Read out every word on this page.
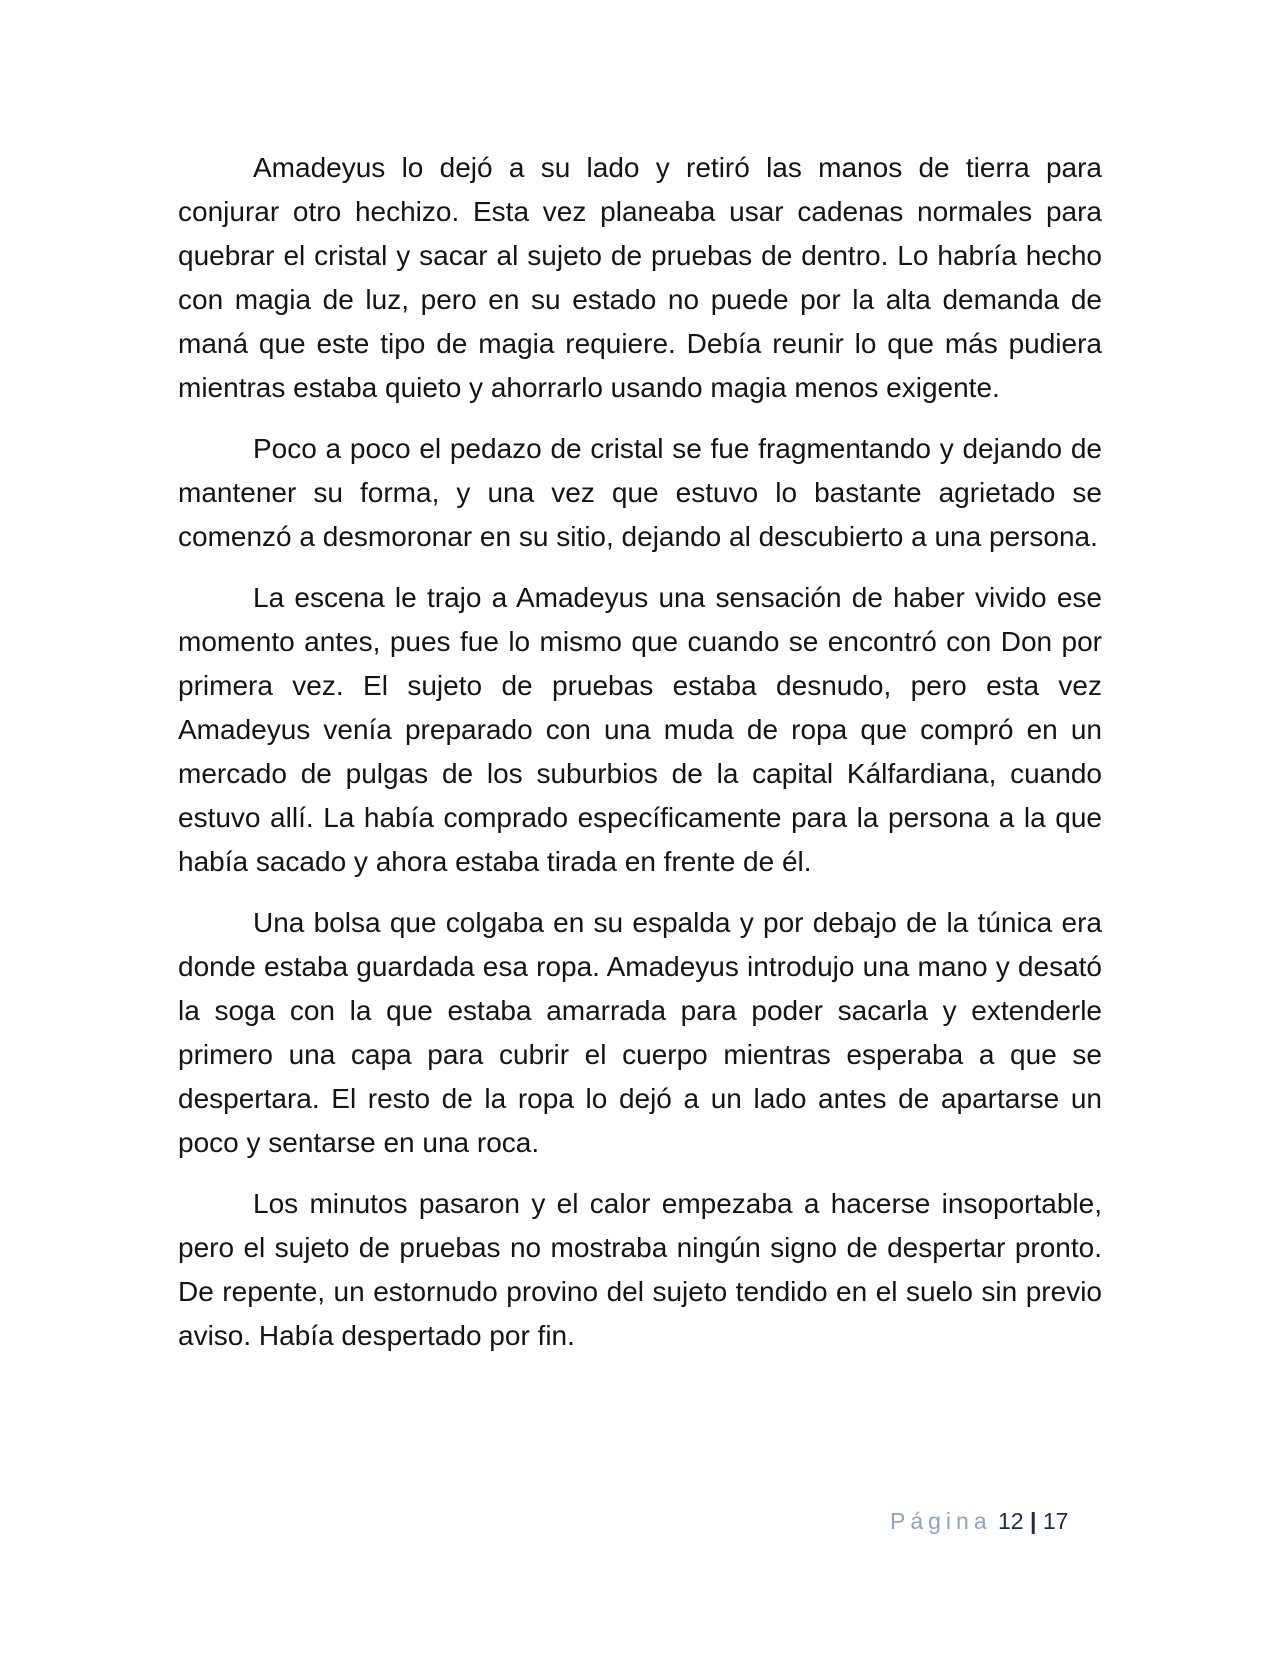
Amadeyus lo dejó a su lado y retiró las manos de tierra para conjurar otro hechizo. Esta vez planeaba usar cadenas normales para quebrar el cristal y sacar al sujeto de pruebas de dentro. Lo habría hecho con magia de luz, pero en su estado no puede por la alta demanda de maná que este tipo de magia requiere. Debía reunir lo que más pudiera mientras estaba quieto y ahorrarlo usando magia menos exigente.

Poco a poco el pedazo de cristal se fue fragmentando y dejando de mantener su forma, y una vez que estuvo lo bastante agrietado se comenzó a desmoronar en su sitio, dejando al descubierto a una persona.

La escena le trajo a Amadeyus una sensación de haber vivido ese momento antes, pues fue lo mismo que cuando se encontró con Don por primera vez. El sujeto de pruebas estaba desnudo, pero esta vez Amadeyus venía preparado con una muda de ropa que compró en un mercado de pulgas de los suburbios de la capital Kálfardiana, cuando estuvo allí. La había comprado específicamente para la persona a la que había sacado y ahora estaba tirada en frente de él.

Una bolsa que colgaba en su espalda y por debajo de la túnica era donde estaba guardada esa ropa. Amadeyus introdujo una mano y desató la soga con la que estaba amarrada para poder sacarla y extenderle primero una capa para cubrir el cuerpo mientras esperaba a que se despertara. El resto de la ropa lo dejó a un lado antes de apartarse un poco y sentarse en una roca.

Los minutos pasaron y el calor empezaba a hacerse insoportable, pero el sujeto de pruebas no mostraba ningún signo de despertar pronto. De repente, un estornudo provino del sujeto tendido en el suelo sin previo aviso. Había despertado por fin.

Página 12 | 17
